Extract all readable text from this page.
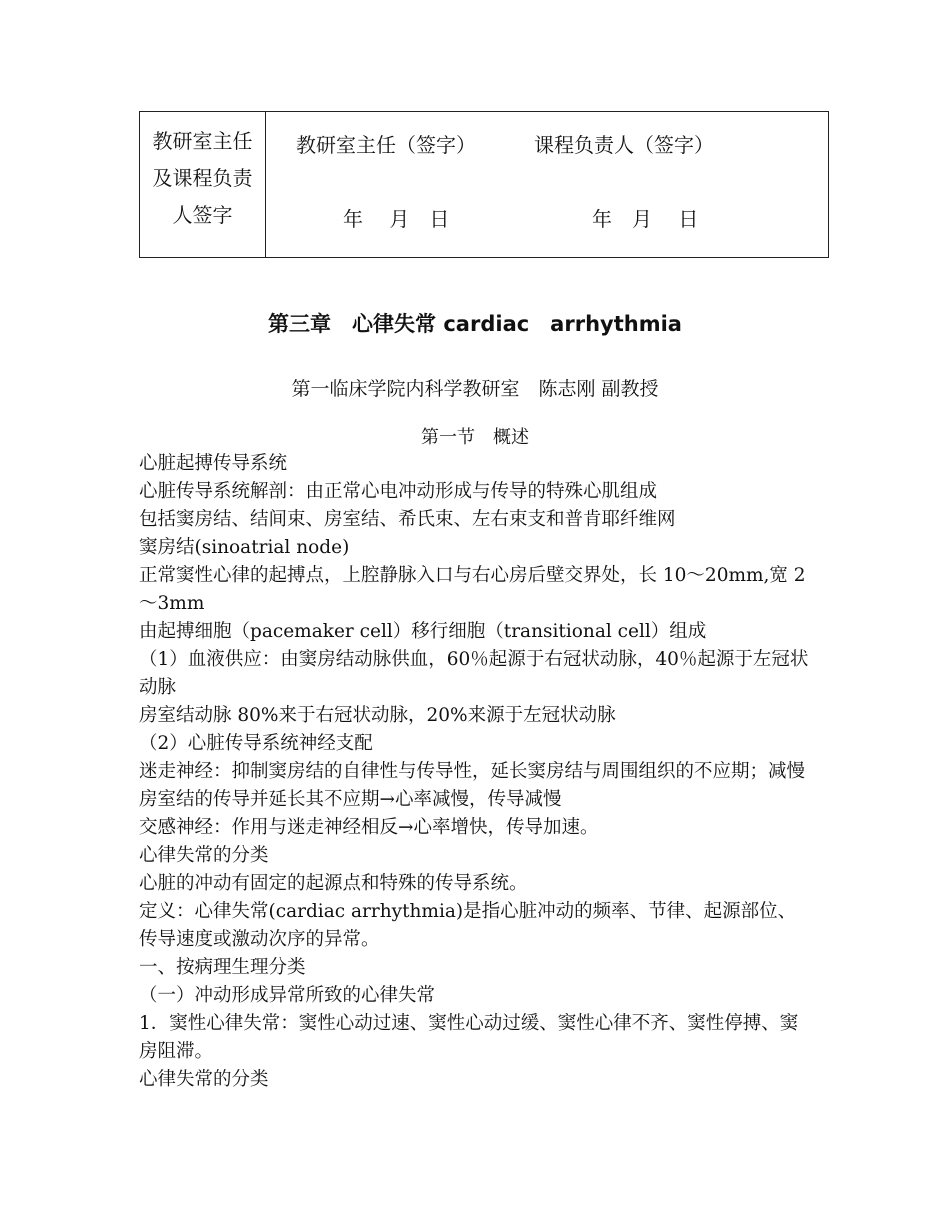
教研室主任
及课程负责
人签字
教研室主任（签字）	课程负责人（签字）
年　 月　日	年　月　 日
第三章　心律失常 cardiac　arrhythmia
第一临床学院内科学教研室　陈志刚 副教授
第一节　概述

心脏起搏传导系统

心脏传导系统解剖：由正常心电冲动形成与传导的特殊心肌组成

包括窦房结、结间束、房室结、希氏束、左右束支和普肯耶纤维网

窦房结(sinoatrial node)

正常窦性心律的起搏点，上腔静脉入口与右心房后壁交界处，长 10～20mm,宽 2～3mm

由起搏细胞（pacemaker cell）移行细胞（transitional cell）组成

（1）血液供应：由窦房结动脉供血，60％起源于右冠状动脉，40％起源于左冠状动脉

房室结动脉 80%来于右冠状动脉，20%来源于左冠状动脉

（2）心脏传导系统神经支配

迷走神经：抑制窦房结的自律性与传导性，延长窦房结与周围组织的不应期；减慢房室结的传导并延长其不应期→心率减慢，传导减慢

交感神经：作用与迷走神经相反→心率增快，传导加速。

心律失常的分类

心脏的冲动有固定的起源点和特殊的传导系统。

定义：心律失常(cardiac arrhythmia)是指心脏冲动的频率、节律、起源部位、传导速度或激动次序的异常。

一、按病理生理分类

（一）冲动形成异常所致的心律失常

1．窦性心律失常：窦性心动过速、窦性心动过缓、窦性心律不齐、窦性停搏、窦房阻滞。

心律失常的分类
